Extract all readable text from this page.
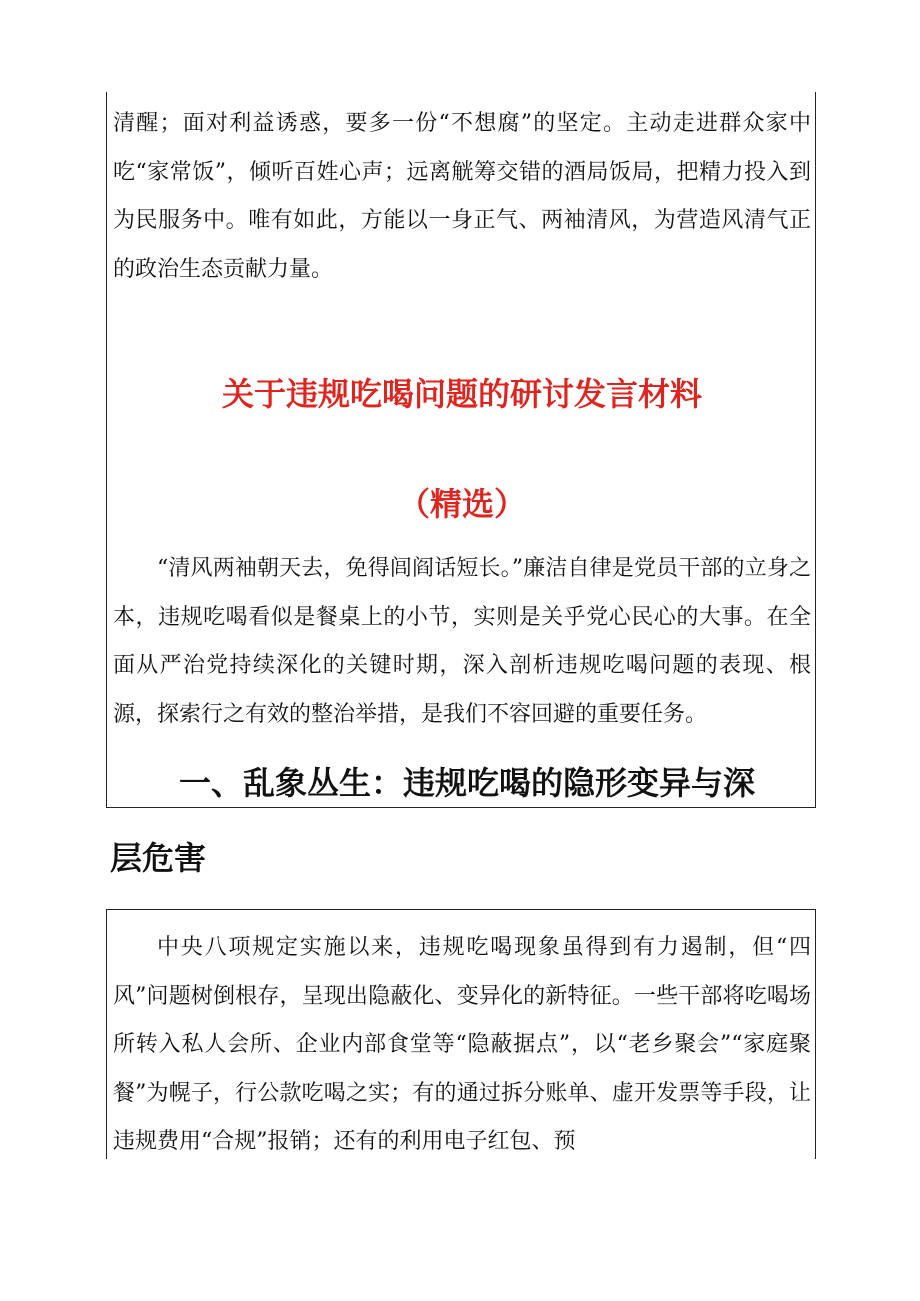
清醒；面对利益诱惑，要多一份“不想腐”的坚定。主动走进群众家中吃“家常饭”，倾听百姓心声；远离觥筹交错的酒局饭局，把精力投入到为民服务中。唯有如此，方能以一身正气、两袖清风，为营造风清气正的政治生态贡献力量。

关于违规吃喝问题的研讨发言材料
（精选）

“清风两袖朝天去，免得闾阎话短长。”廉洁自律是党员干部的立身之本，违规吃喝看似是餐桌上的小节，实则是关乎党心民心的大事。在全面从严治党持续深化的关键时期，深入剖析违规吃喝问题的表现、根源，探索行之有效的整治举措，是我们不容回避的重要任务。

一、乱象丛生：违规吃喝的隐形变异与深
层危害

中央八项规定实施以来，违规吃喝现象虽得到有力遏制，但“四风”问题树倒根存，呈现出隐蔽化、变异化的新特征。一些干部将吃喝场所转入私人会所、企业内部食堂等“隐蔽据点”，以“老乡聚会”“家庭聚餐”为幌子，行公款吃喝之实；有的通过拆分账单、虚开发票等手段，让违规费用“合规”报销；还有的利用电子红包、预
